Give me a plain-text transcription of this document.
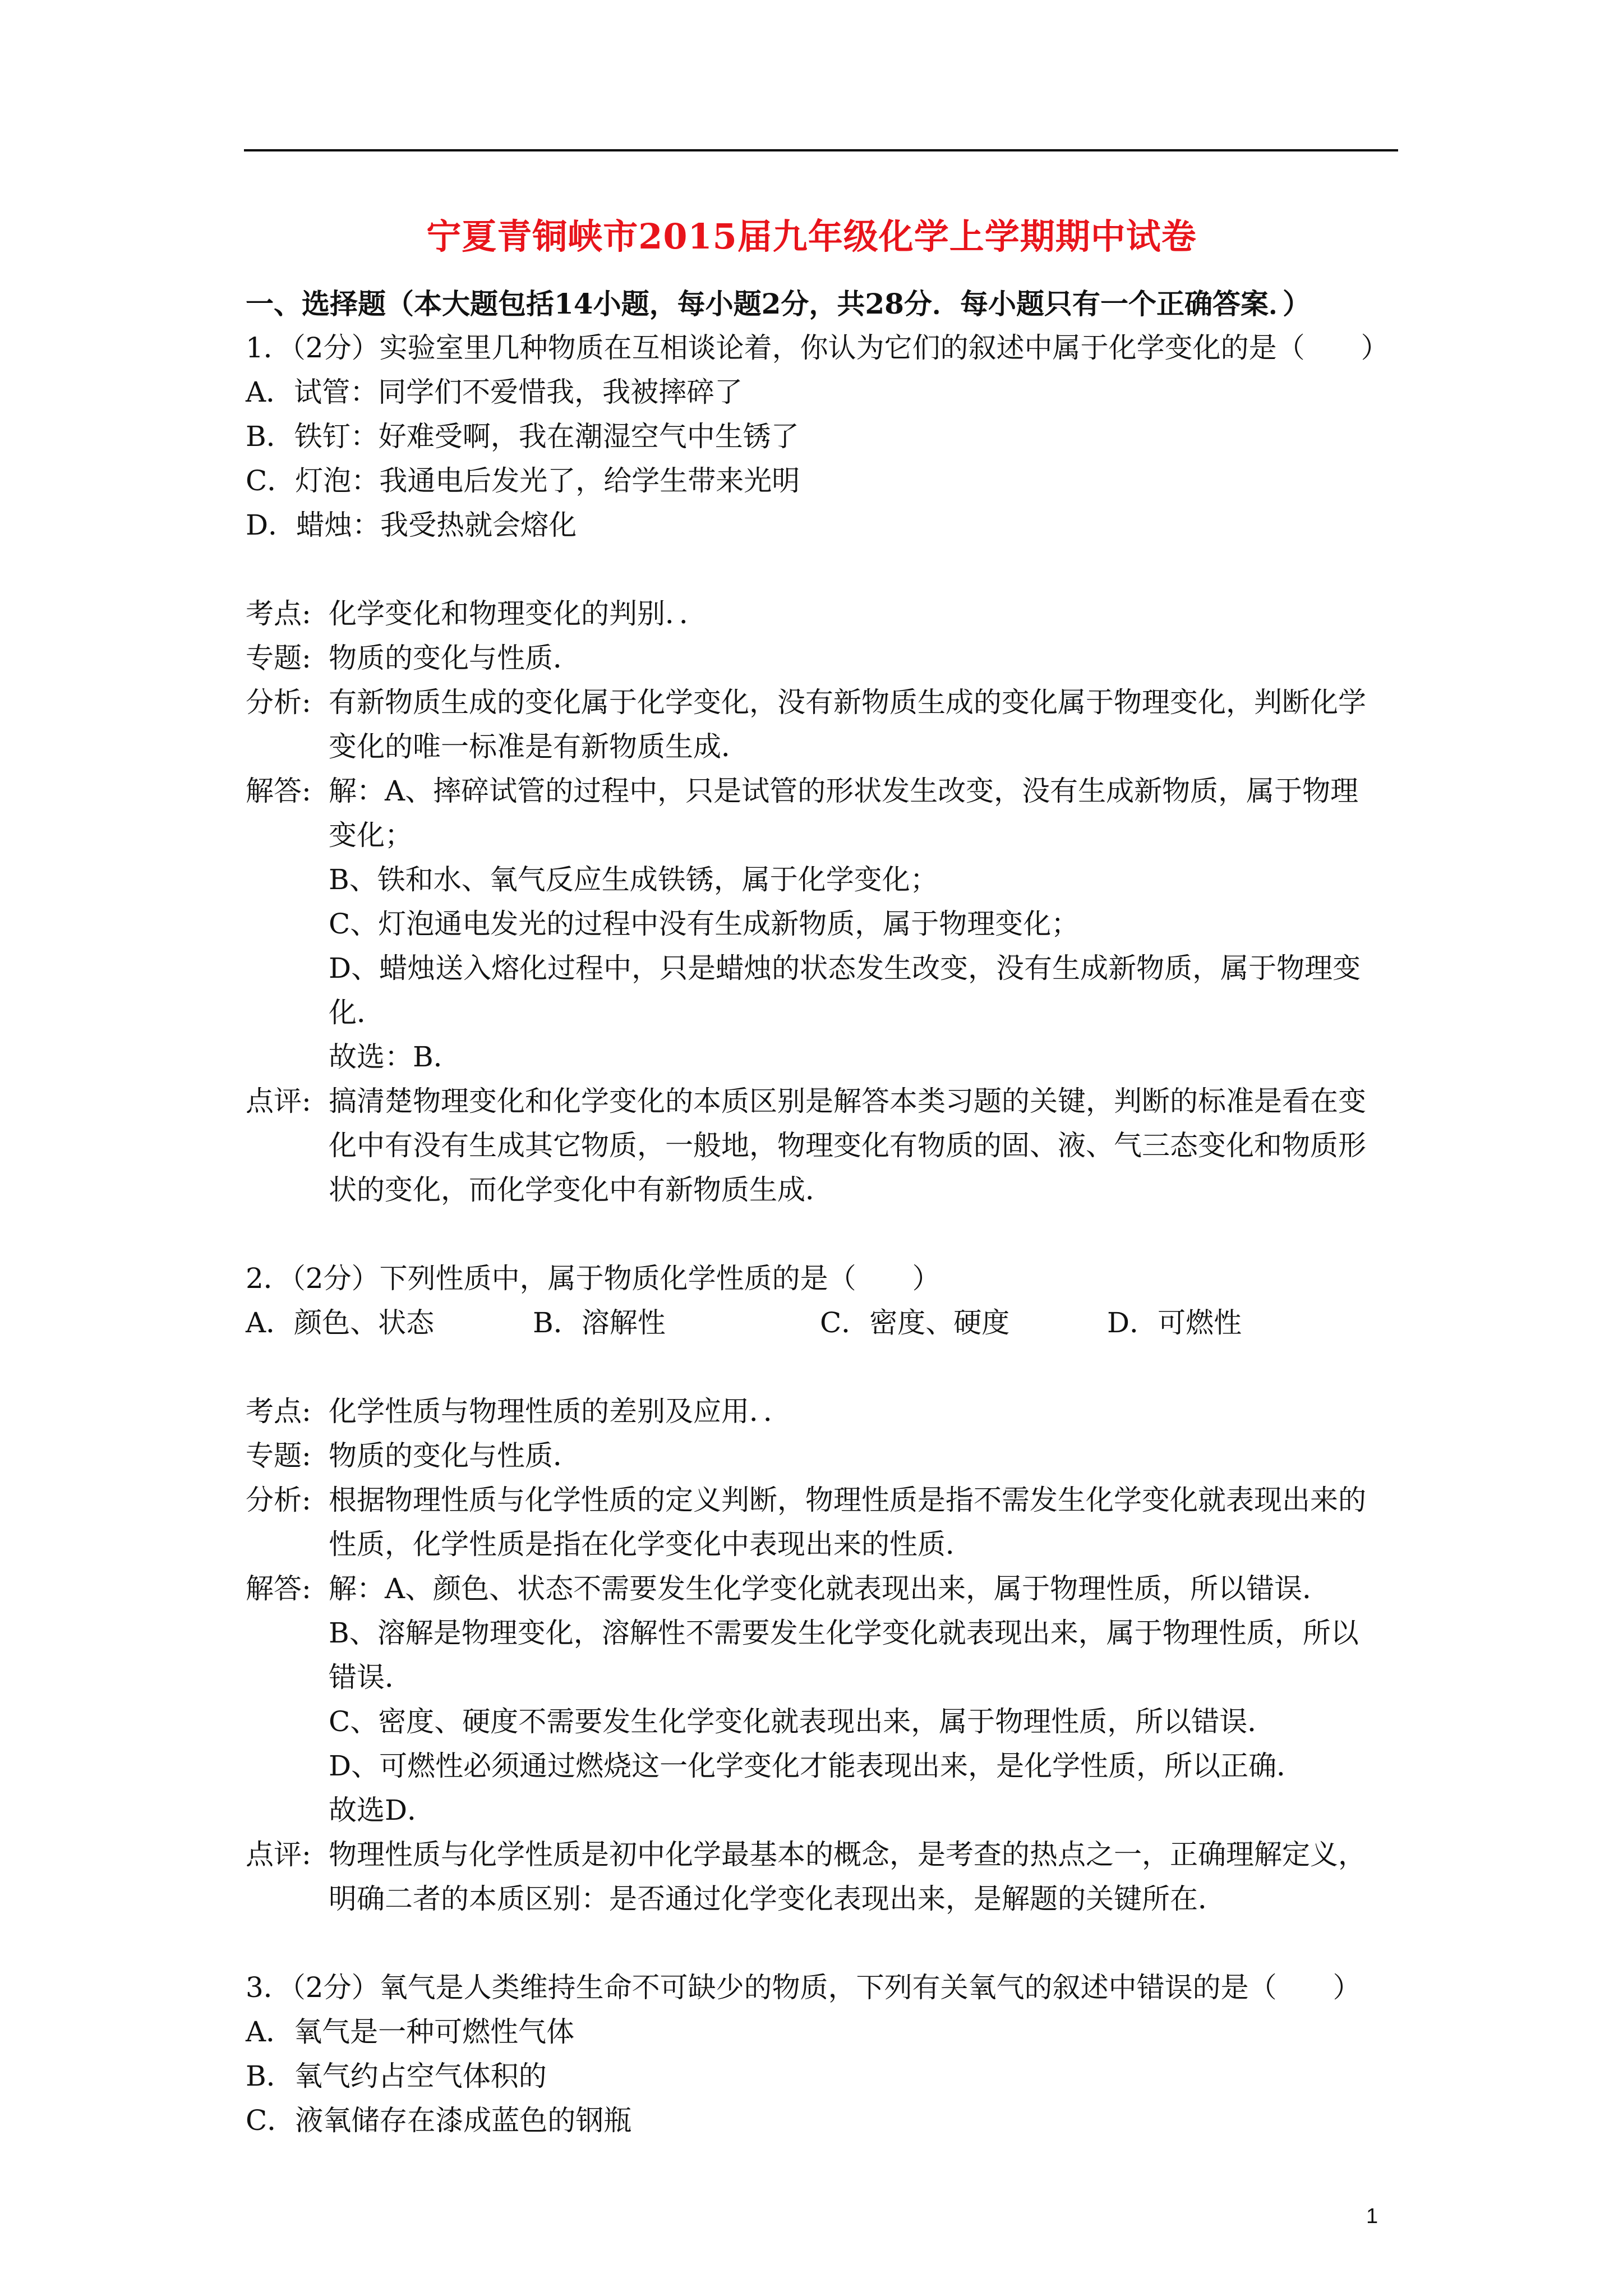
宁夏青铜峡市2015届九年级化学上学期期中试卷
一、选择题（本大题包括14小题，每小题2分，共28分．每小题只有一个正确答案．）
1．（2分）实验室里几种物质在互相谈论着，你认为它们的叙述中属于化学变化的是（　　）
A．试管：同学们不爱惜我，我被摔碎了
B．铁钉：好难受啊，我在潮湿空气中生锈了
C．灯泡：我通电后发光了，给学生带来光明
D．蜡烛：我受热就会熔化
考点: 化学变化和物理变化的判别．．
专题: 物质的变化与性质．
分析: 有新物质生成的变化属于化学变化，没有新物质生成的变化属于物理变化，判断化学
变化的唯一标准是有新物质生成．
解答: 解：A、摔碎试管的过程中，只是试管的形状发生改变，没有生成新物质，属于物理
变化；
B、铁和水、氧气反应生成铁锈，属于化学变化；
C、灯泡通电发光的过程中没有生成新物质，属于物理变化；
D、蜡烛送入熔化过程中，只是蜡烛的状态发生改变，没有生成新物质，属于物理变
化．
故选：B．
点评: 搞清楚物理变化和化学变化的本质区别是解答本类习题的关键，判断的标准是看在变
化中有没有生成其它物质，一般地，物理变化有物质的固、液、气三态变化和物质形
状的变化，而化学变化中有新物质生成．
2．（2分）下列性质中，属于物质化学性质的是（　　）
A．颜色、状态	B．溶解性	C．密度、硬度	D．可燃性
考点: 化学性质与物理性质的差别及应用．．
专题: 物质的变化与性质．
分析: 根据物理性质与化学性质的定义判断，物理性质是指不需发生化学变化就表现出来的
性质，化学性质是指在化学变化中表现出来的性质．
解答: 解：A、颜色、状态不需要发生化学变化就表现出来，属于物理性质，所以错误．
B、溶解是物理变化，溶解性不需要发生化学变化就表现出来，属于物理性质，所以
错误．
C、密度、硬度不需要发生化学变化就表现出来，属于物理性质，所以错误．
D、可燃性必须通过燃烧这一化学变化才能表现出来，是化学性质，所以正确．
故选D．
点评: 物理性质与化学性质是初中化学最基本的概念，是考查的热点之一，正确理解定义，
明确二者的本质区别：是否通过化学变化表现出来，是解题的关键所在．
3．（2分）氧气是人类维持生命不可缺少的物质，下列有关氧气的叙述中错误的是（　　）
A．氧气是一种可燃性气体
B．氧气约占空气体积的
C．液氧储存在漆成蓝色的钢瓶
1
